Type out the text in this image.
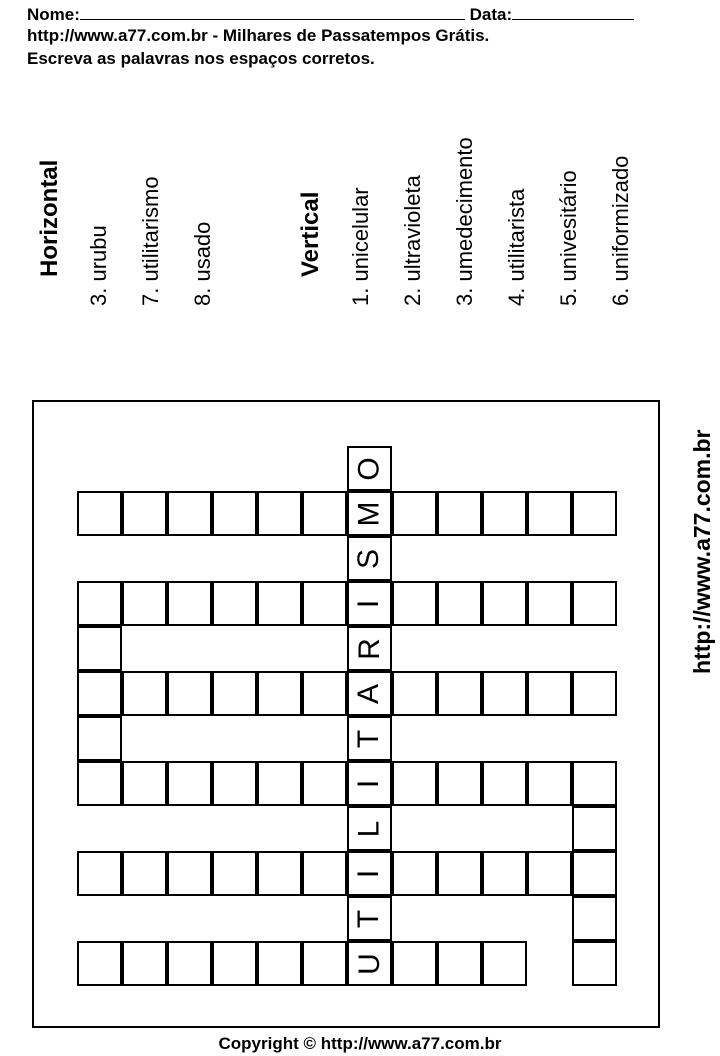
Nome:	Data:
http://www.a77.com.br - Milhares de Passatempos Grátis.
Escreva as palavras nos espaços corretos.
Horizontal 3. urubu 7. utilitarismo 8. usado	Vertical 1. unicelular 2. ultravioleta 3. umedecimento 4. utilitarista 5. univesitário 6. uniformizado
http://www.a77.com.br
M
I
R
A
T
I
L
I
T
U
O
S
Copyright © http://www.a77.com.br
